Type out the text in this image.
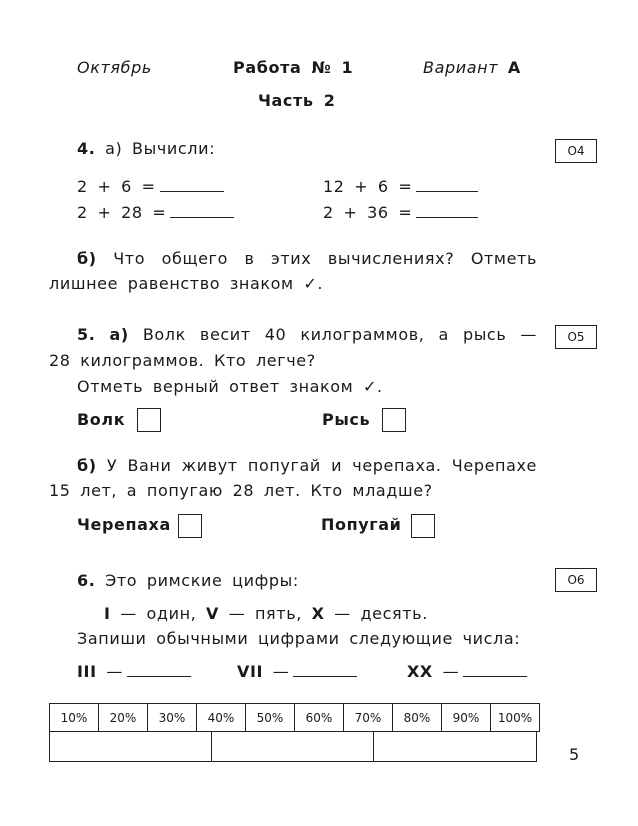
Октябрь	Работа № 1	Вариант А
Часть 2
4. а) Вычисли:	О4
2 + 6 =	12 + 6 =
2 + 28 =	2 + 36 =
б) Что общего в этих вычислениях? Отметь
лишнее равенство знаком ✓.
5. а) Волк весит 40 килограммов, а рысь —	О5
28 килограммов. Кто легче?
Отметь верный ответ знаком ✓.
Волк	Рысь
б) У Вани живут попугай и черепаха. Черепахе
15 лет, а попугаю 28 лет. Кто младше?
Черепаха	Попугай
6. Это римские цифры:	О6
I — один, V — пять, X — десять.
Запиши обычными цифрами следующие числа:
III —	VII —	XX —
10%	20%	30%	40%	50%	60%	70%	80%	90%	100%

5
